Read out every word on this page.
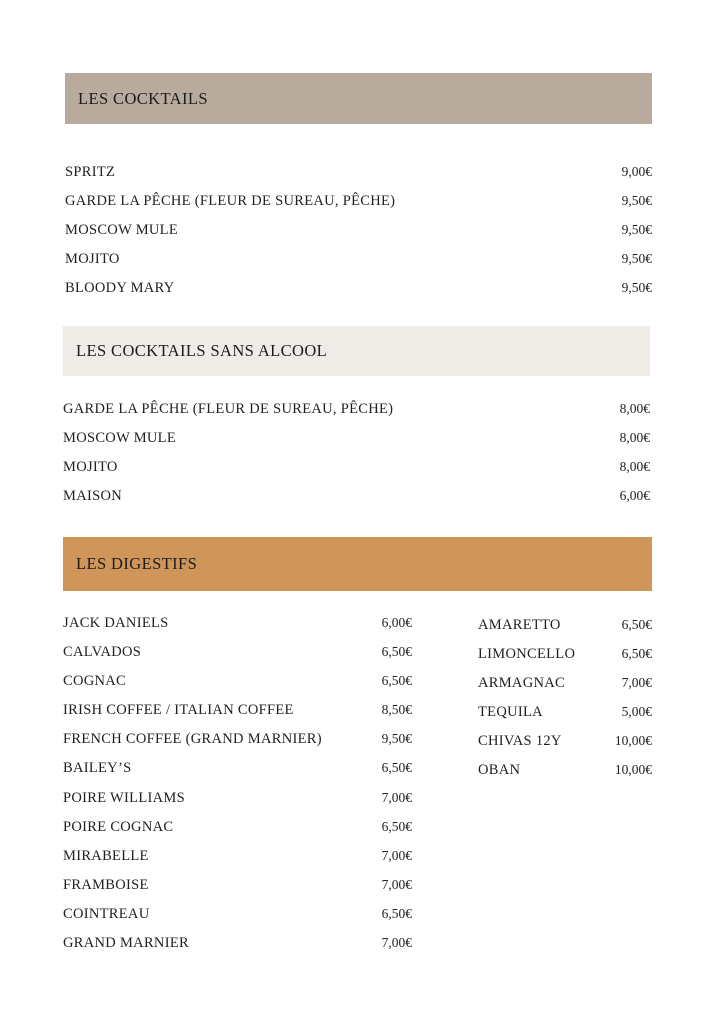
LES COCKTAILS
SPRITZ	9,00€
GARDE LA PÊCHE (FLEUR DE SUREAU, PÊCHE)	9,50€
MOSCOW MULE	9,50€
MOJITO	9,50€
BLOODY MARY	9,50€
LES COCKTAILS SANS ALCOOL
GARDE LA PÊCHE (FLEUR DE SUREAU, PÊCHE)	8,00€
MOSCOW MULE	8,00€
MOJITO	8,00€
MAISON	6,00€
LES DIGESTIFS
JACK DANIELS	6,00€
CALVADOS	6,50€
COGNAC	6,50€
IRISH COFFEE / ITALIAN COFFEE	8,50€
FRENCH COFFEE (GRAND MARNIER)	9,50€
BAILEY’S	6,50€
POIRE WILLIAMS	7,00€
POIRE COGNAC	6,50€
MIRABELLE	7,00€
FRAMBOISE	7,00€
COINTREAU	6,50€
GRAND MARNIER	7,00€
AMARETTO	6,50€
LIMONCELLO	6,50€
ARMAGNAC	7,00€
TEQUILA	5,00€
CHIVAS 12Y	10,00€
OBAN	10,00€
